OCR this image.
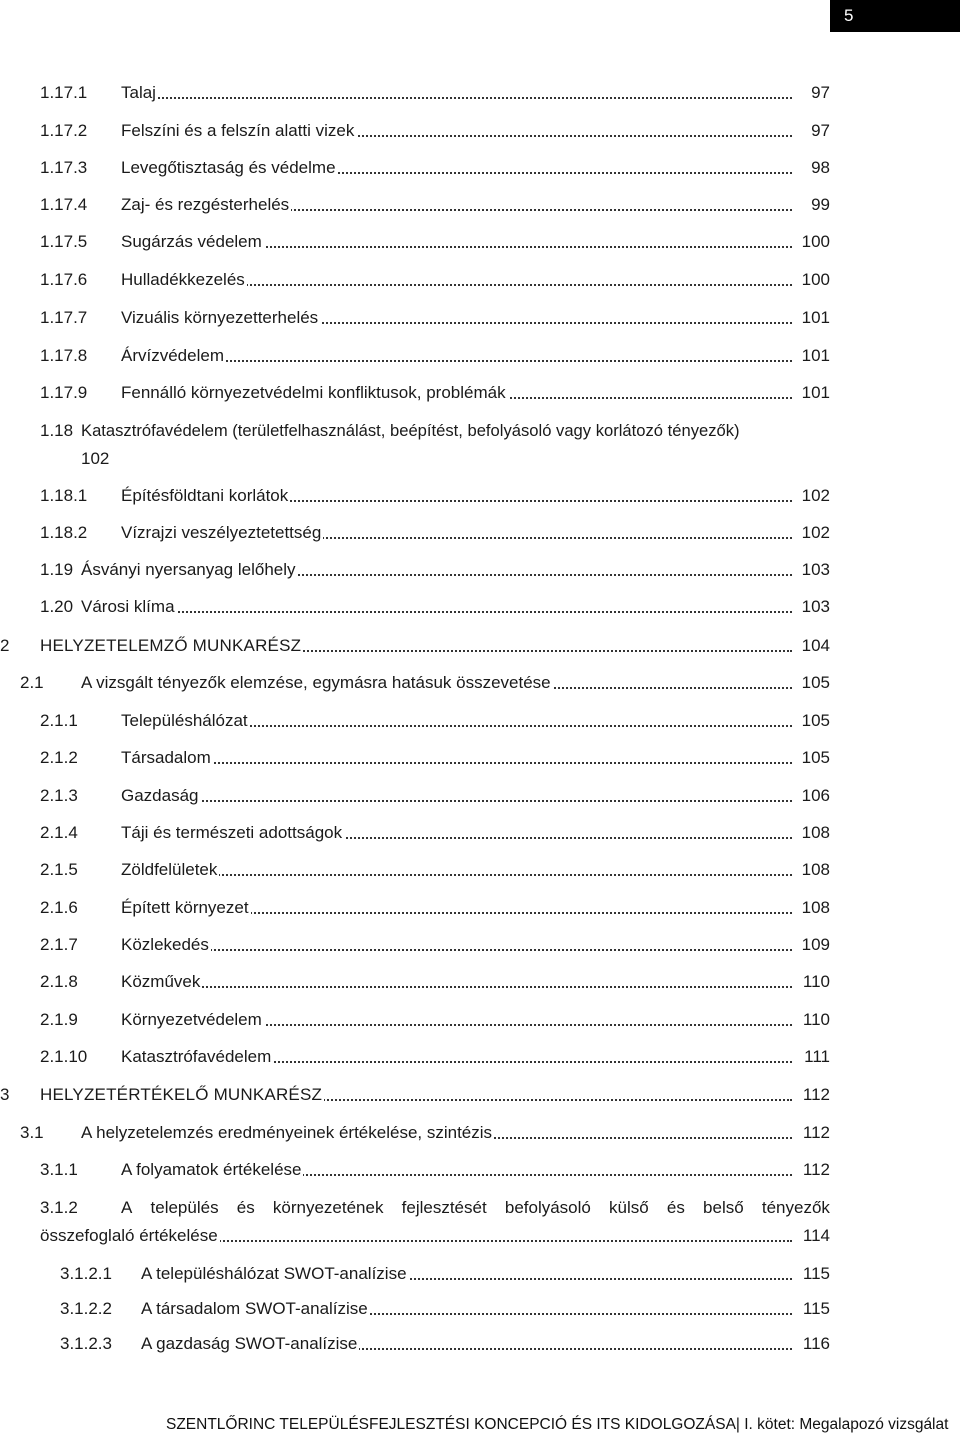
5
1.17.1 Talaj	97
1.17.2 Felszíni és a felszín alatti vizek	97
1.17.3 Levegőtisztaság és védelme	98
1.17.4 Zaj- és rezgésterhelés	99
1.17.5 Sugárzás védelem	100
1.17.6 Hulladékkezelés	100
1.17.7 Vizuális környezetterhelés	101
1.17.8 Árvízvédelem	101
1.17.9 Fennálló környezetvédelmi konfliktusok, problémák	101
1.18 Katasztrófavédelem (területfelhasználást, beépítést, befolyásoló vagy korlátozó tényezők)
102
1.18.1 Építésföldtani korlátok	102
1.18.2 Vízrajzi veszélyeztetettség	102
1.19 Ásványi nyersanyag lelőhely	103
1.20 Városi klíma	103
2 HELYZETELEMZŐ MUNKARÉSZ	104
2.1 A vizsgált tényezők elemzése, egymásra hatásuk összevetése	105
2.1.1	Településhálózat	105
2.1.2	Társadalom	105
2.1.3	Gazdaság	106
2.1.4	Táji és természeti adottságok	108
2.1.5	Zöldfelületek	108
2.1.6	Épített környezet	108
2.1.7	Közlekedés	109
2.1.8	Közművek	110
2.1.9	Környezetvédelem	110
2.1.10 Katasztrófavédelem	111
3 HELYZETÉRTÉKELŐ MUNKARÉSZ	112
3.1 A helyzetelemzés eredményeinek értékelése, szintézis	112
3.1.1	A folyamatok értékelése	112
3.1.2	A település és környezetének fejlesztését befolyásoló külső és belső tényezők
összefoglaló értékelése	114
3.1.2.1 A településhálózat SWOT-analízise	115
3.1.2.2 A társadalom SWOT-analízise	115
3.1.2.3 A gazdaság SWOT-analízise	116
SZENTLŐRINC TELEPÜLÉSFEJLESZTÉSI KONCEPCIÓ ÉS ITS KIDOLGOZÁSA| I. kötet: Megalapozó vizsgálat
